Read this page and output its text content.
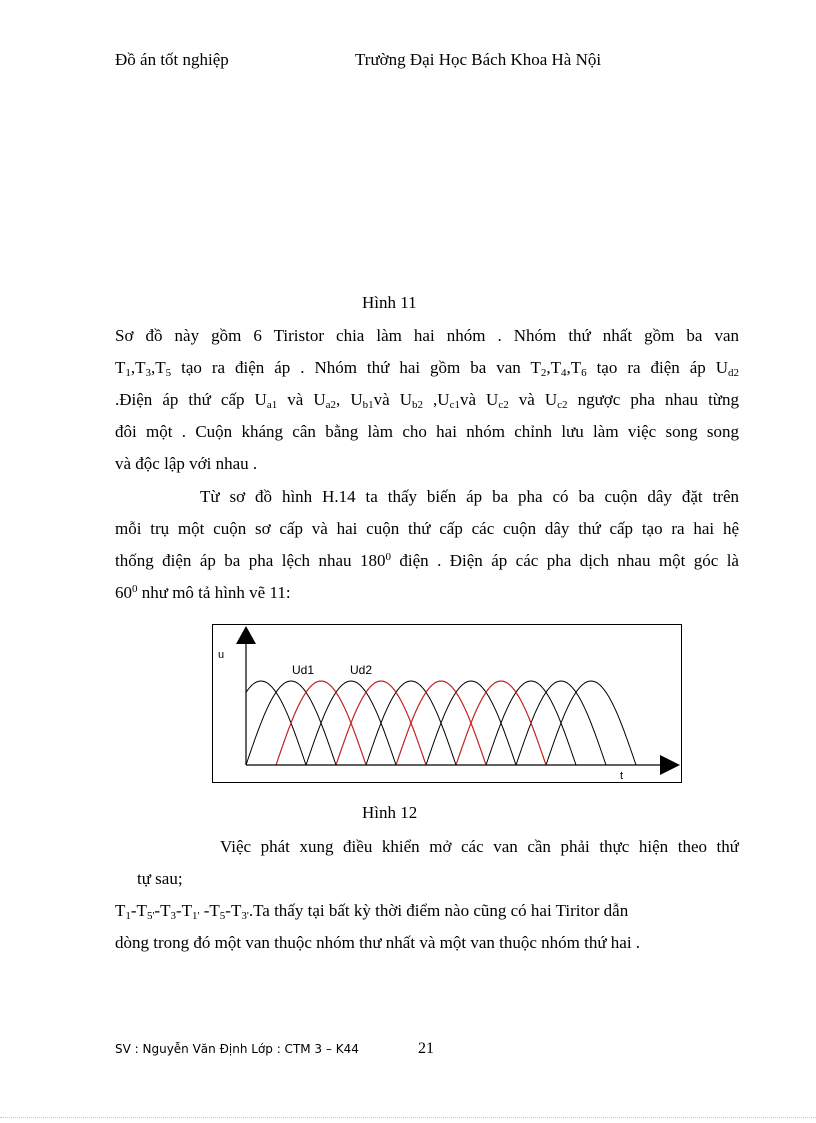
Đồ án tốt nghiệp	Trường Đại Học Bách Khoa Hà Nội
Hình 11
Sơ đồ này gồm 6 Tiristor chia làm hai nhóm . Nhóm thứ nhất gồm ba van
$T_1,T_3,T_5$ tạo ra điện áp . Nhóm thứ hai gồm ba van $T_2,T_4,T_6$ tạo ra điện áp $U_{d2}$
.Điện áp thứ cấp $U_{a1}$ và $U_{a2}$, $U_{b1}và$ $U_{b2}$ $,U_{c1}và$ $U_{c2}$ và $U_{c2}$ ngược pha nhau từng
đôi một . Cuộn kháng cân bằng làm cho hai nhóm chỉnh lưu làm việc song song
và độc lập với nhau .
Từ sơ đồ hình H.14 ta thấy biến áp ba pha có ba cuộn dây đặt trên
mỗi trụ một cuộn sơ cấp và hai cuộn thứ cấp các cuộn dây thứ cấp tạo ra hai hệ
thống điện áp ba pha lệch nhau $180^0$ điện . Điện áp các pha dịch nhau một góc là
$60^0$ như mô tả hình vẽ 11:
u
t
Ud1	Ud2
Hình 12
Việc phát xung điều khiển mở các van cần phải thực hiện theo thứ
tự sau;
$T_1-T_{5'}-T_3-T_{1'}$ $-T_5-T_{3'}.Ta$ thấy tại bất kỳ thời điểm nào cũng có hai Tiritor dẫn
dòng trong đó một van thuộc nhóm thư nhất và một van thuộc nhóm thứ hai .
SV : Nguyễn Văn Định Lớp : CTM 3 – K44	21
